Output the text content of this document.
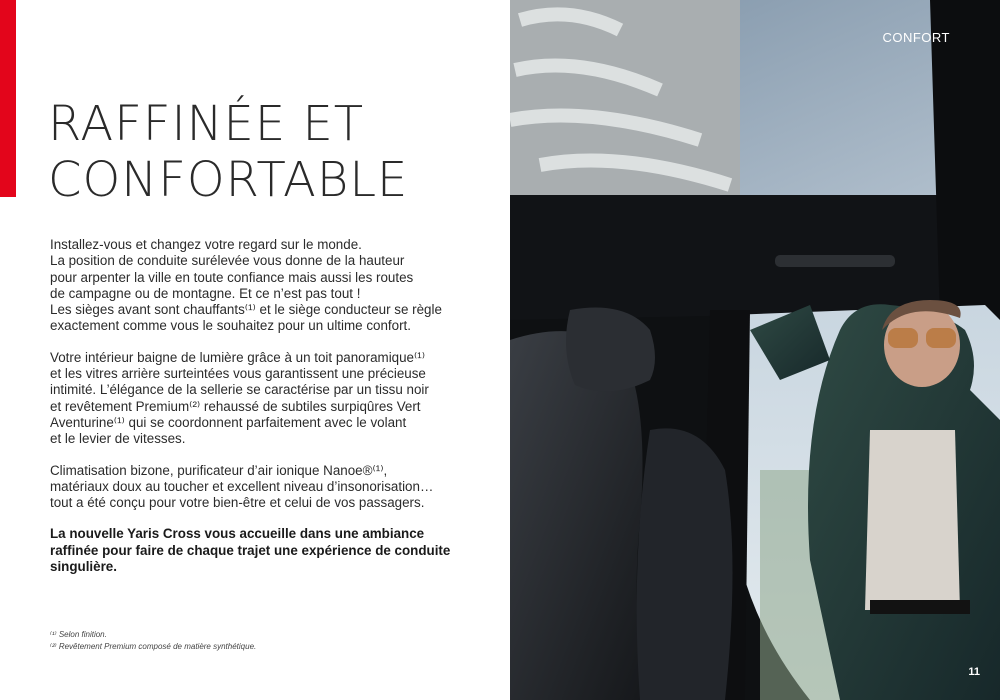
RAFFINÉE ET
CONFORTABLE

Installez-vous et changez votre regard sur le monde.
La position de conduite surélevée vous donne de la hauteur
pour arpenter la ville en toute confiance mais aussi les routes
de campagne ou de montagne. Et ce n’est pas tout !
Les sièges avant sont chauffants⁽¹⁾ et le siège conducteur se règle
exactement comme vous le souhaitez pour un ultime confort.

Votre intérieur baigne de lumière grâce à un toit panoramique⁽¹⁾
et les vitres arrière surteintées vous garantissent une précieuse
intimité. L’élégance de la sellerie se caractérise par un tissu noir
et revêtement Premium⁽²⁾ rehaussé de subtiles surpiqûres Vert
Aventurine⁽¹⁾ qui se coordonnent parfaitement avec le volant
et le levier de vitesses.

Climatisation bizone, purificateur d’air ionique Nanoe®⁽¹⁾,
matériaux doux au toucher et excellent niveau d’insonorisation…
tout a été conçu pour votre bien-être et celui de vos passagers.

La nouvelle Yaris Cross vous accueille dans une ambiance
raffinée pour faire de chaque trajet une expérience de conduite
singulière.

⁽¹⁾ Selon finition.
⁽²⁾ Revêtement Premium composé de matière synthétique.
CONFORT
11
